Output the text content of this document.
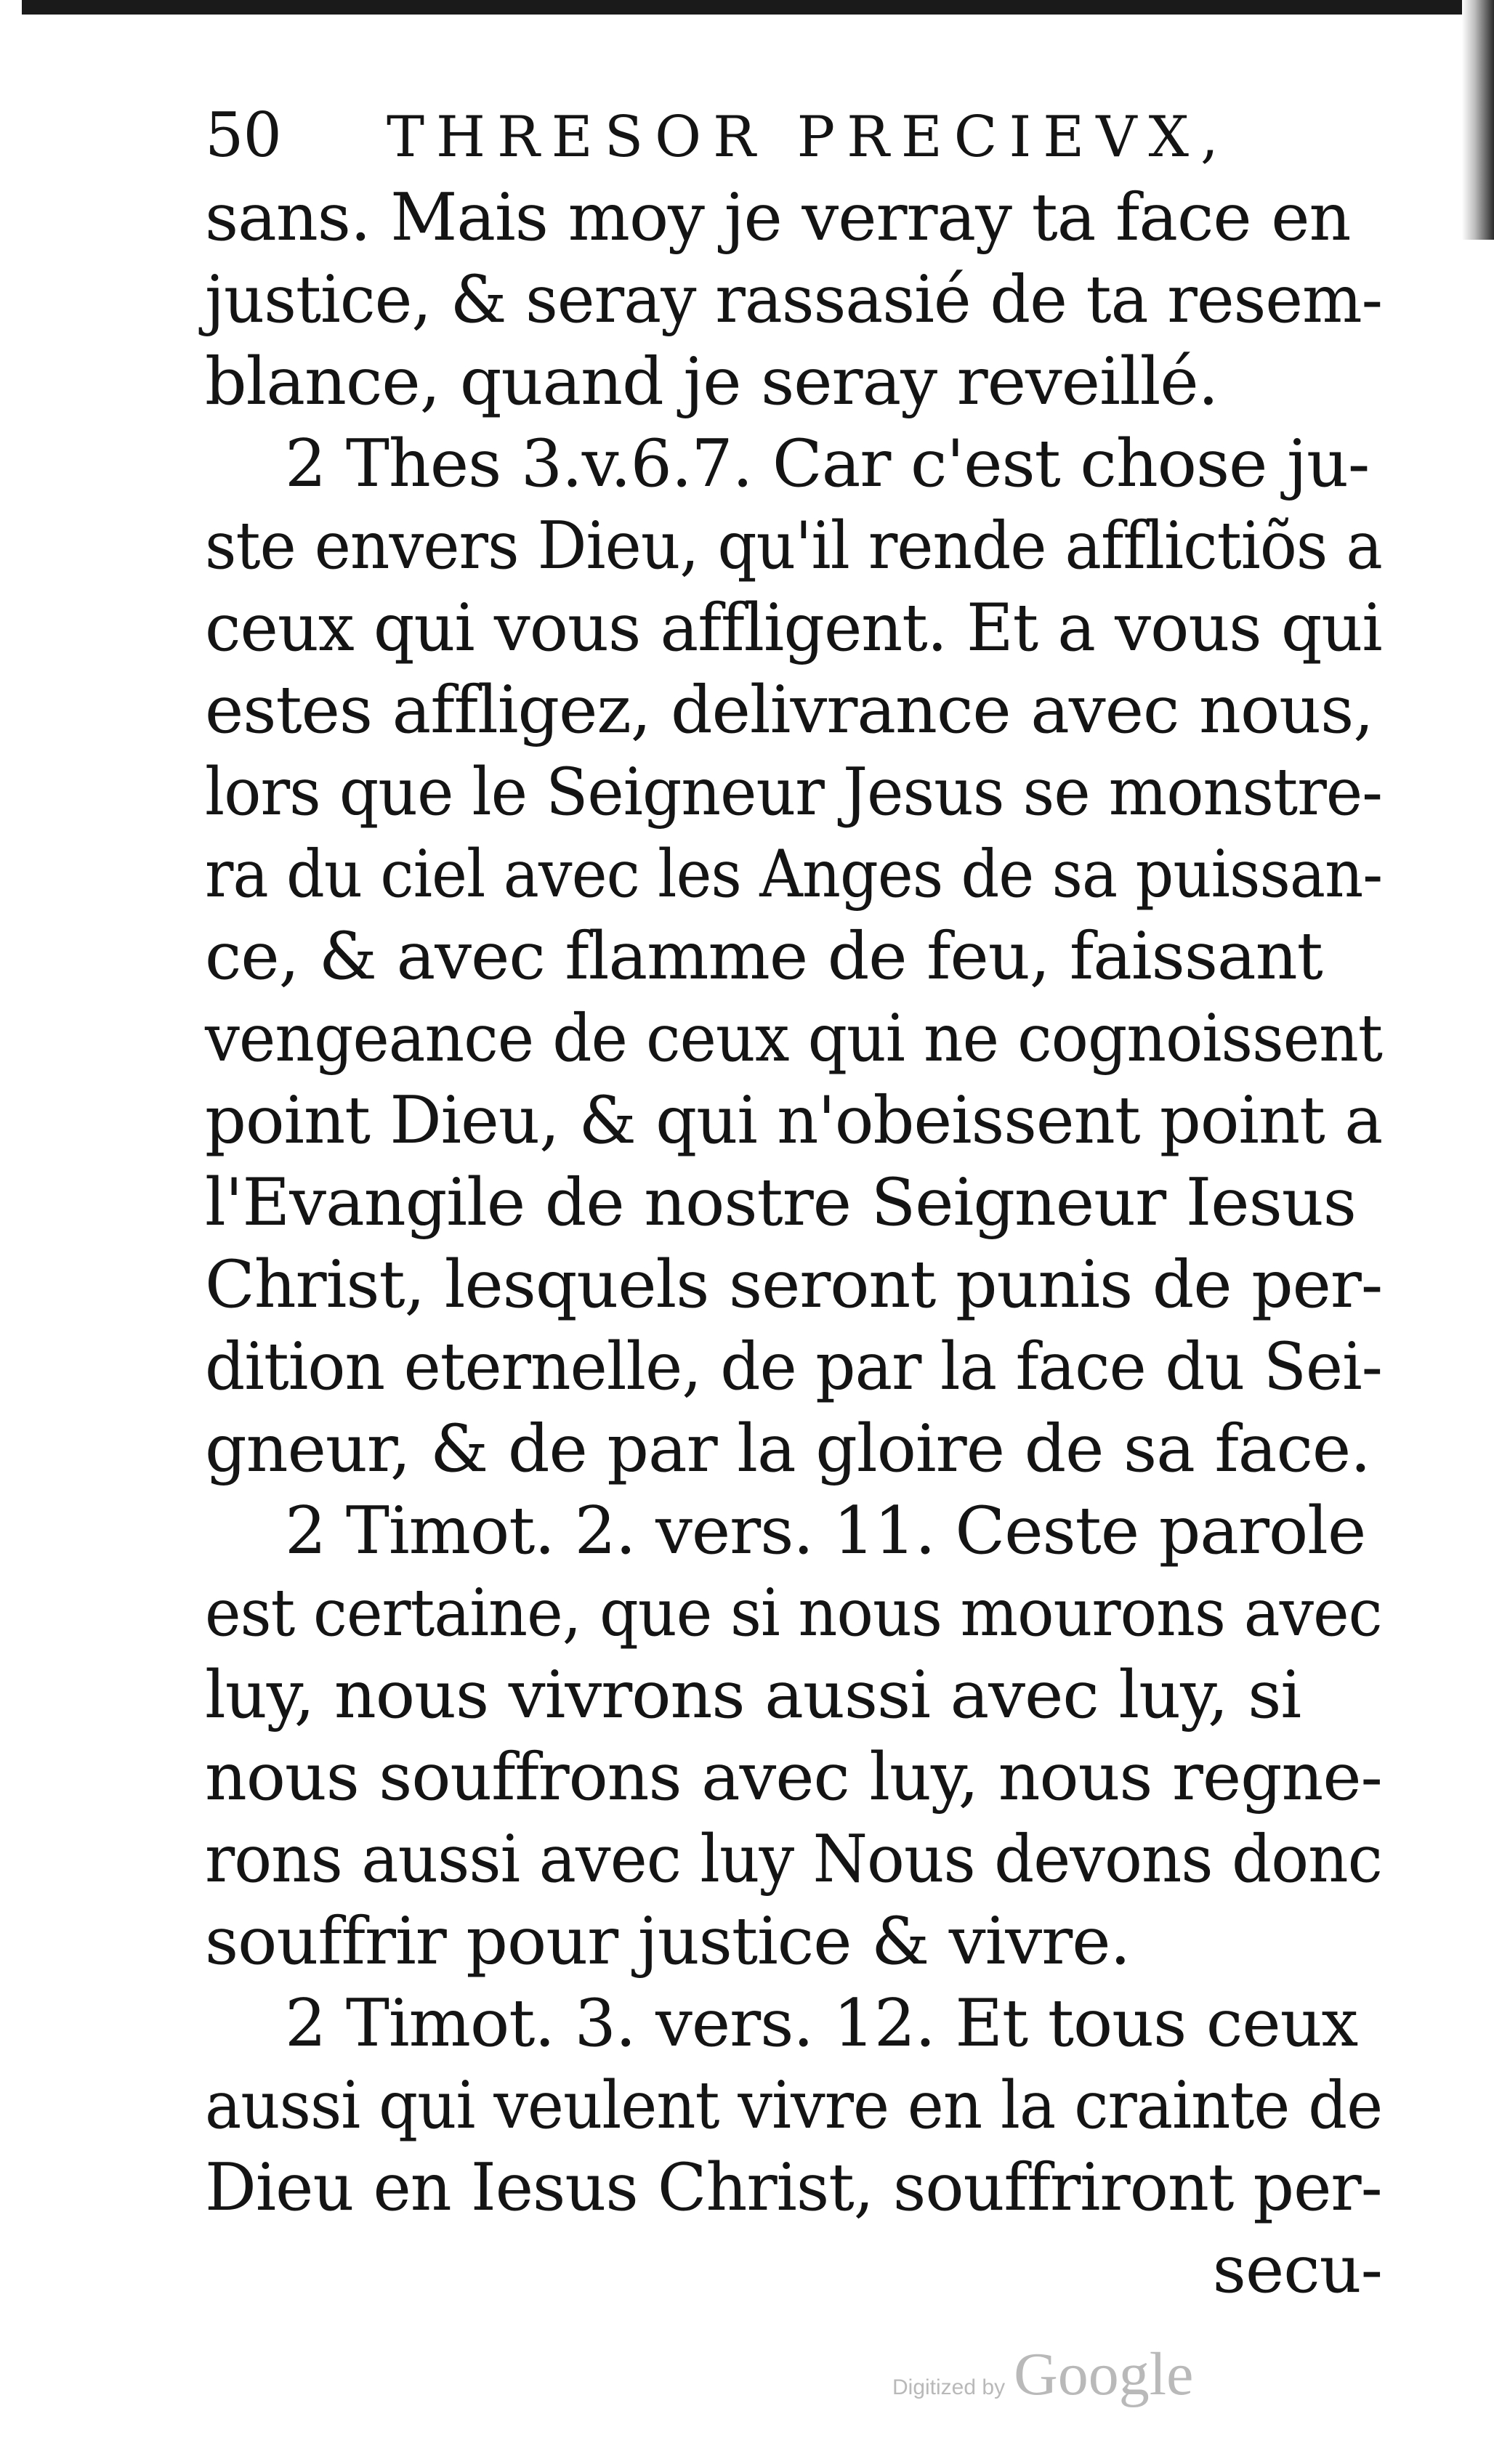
50	THRESOR PRECIEVX,
sans. Mais moy je verray ta face en
justice, & seray rassasié de ta resem-
blance, quand je seray reveillé.
2 Thes 3.v.6.7. Car c'est chose ju-
ste envers Dieu, qu'il rende afflictiõs a
ceux qui vous affligent. Et a vous qui
estes affligez, delivrance avec nous,
lors que le Seigneur Jesus se monstre-
ra du ciel avec les Anges de sa puissan-
ce, & avec flamme de feu, faissant
vengeance de ceux qui ne cognoissent
point Dieu, & qui n'obeissent point a
l'Evangile de nostre Seigneur Iesus
Christ, lesquels seront punis de per-
dition eternelle, de par la face du Sei-
gneur, & de par la gloire de sa face.
2 Timot. 2. vers. 11. Ceste parole
est certaine, que si nous mourons avec
luy, nous vivrons aussi avec luy, si
nous souffrons avec luy, nous regne-
rons aussi avec luy Nous devons donc
souffrir pour justice & vivre.
2 Timot. 3. vers. 12. Et tous ceux
aussi qui veulent vivre en la crainte de
Dieu en Iesus Christ, souffriront per-
secu-
Digitized by Google
